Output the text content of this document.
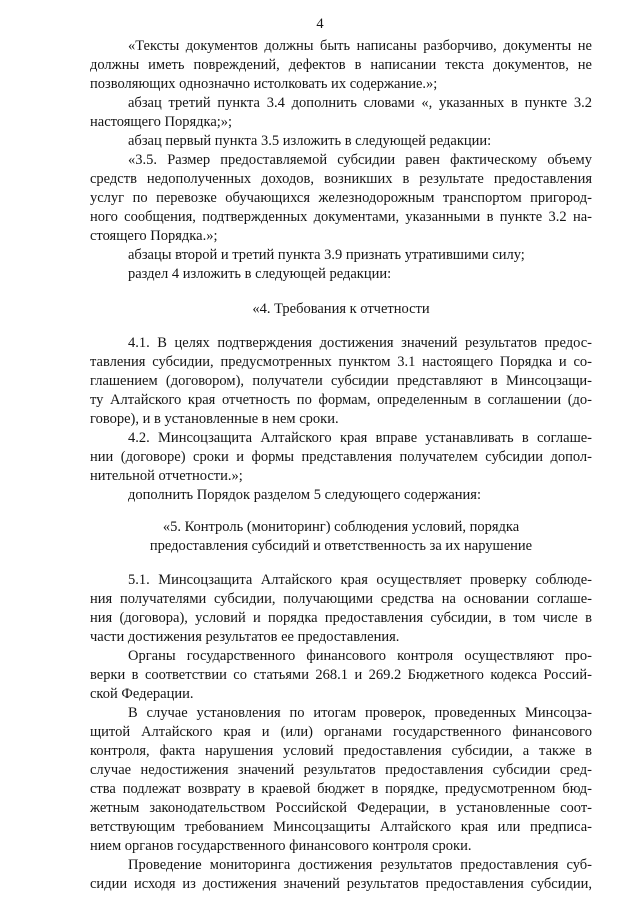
4
«Тексты документов должны быть написаны разборчиво, документы не
должны иметь повреждений, дефектов в написании текста документов, не
позволяющих однозначно истолковать их содержание.»;
абзац третий пункта 3.4 дополнить словами «, указанных в пункте 3.2
настоящего Порядка;»;
абзац первый пункта 3.5 изложить в следующей редакции:
«3.5. Размер предоставляемой субсидии равен фактическому объему
средств недополученных доходов, возникших в результате предоставления
услуг по перевозке обучающихся железнодорожным транспортом пригород-
ного сообщения, подтвержденных документами, указанными в пункте 3.2 на-
стоящего Порядка.»;
абзацы второй и третий пункта 3.9 признать утратившими силу;
раздел 4 изложить в следующей редакции:
«4. Требования к отчетности
4.1. В целях подтверждения достижения значений результатов предос-
тавления субсидии, предусмотренных пунктом 3.1 настоящего Порядка и со-
глашением (договором), получатели субсидии представляют в Минсоцзащи-
ту Алтайского края отчетность по формам, определенным в соглашении (до-
говоре), и в установленные в нем сроки.
4.2. Минсоцзащита Алтайского края вправе устанавливать в соглаше-
нии (договоре) сроки и формы представления получателем субсидии допол-
нительной отчетности.»;
дополнить Порядок разделом 5 следующего содержания:
«5. Контроль (мониторинг) соблюдения условий, порядка
предоставления субсидий и ответственность за их нарушение
5.1. Минсоцзащита Алтайского края осуществляет проверку соблюде-
ния получателями субсидии, получающими средства на основании соглаше-
ния (договора), условий и порядка предоставления субсидии, в том числе в
части достижения результатов ее предоставления.
Органы государственного финансового контроля осуществляют про-
верки в соответствии со статьями 268.1 и 269.2 Бюджетного кодекса Россий-
ской Федерации.
В случае установления по итогам проверок, проведенных Минсоцза-
щитой Алтайского края и (или) органами государственного финансового
контроля, факта нарушения условий предоставления субсидии, а также в
случае недостижения значений результатов предоставления субсидии сред-
ства подлежат возврату в краевой бюджет в порядке, предусмотренном бюд-
жетным законодательством Российской Федерации, в установленные соот-
ветствующим требованием Минсоцзащиты Алтайского края или предписа-
нием органов государственного финансового контроля сроки.
Проведение мониторинга достижения результатов предоставления суб-
сидии исходя из достижения значений результатов предоставления субсидии,
